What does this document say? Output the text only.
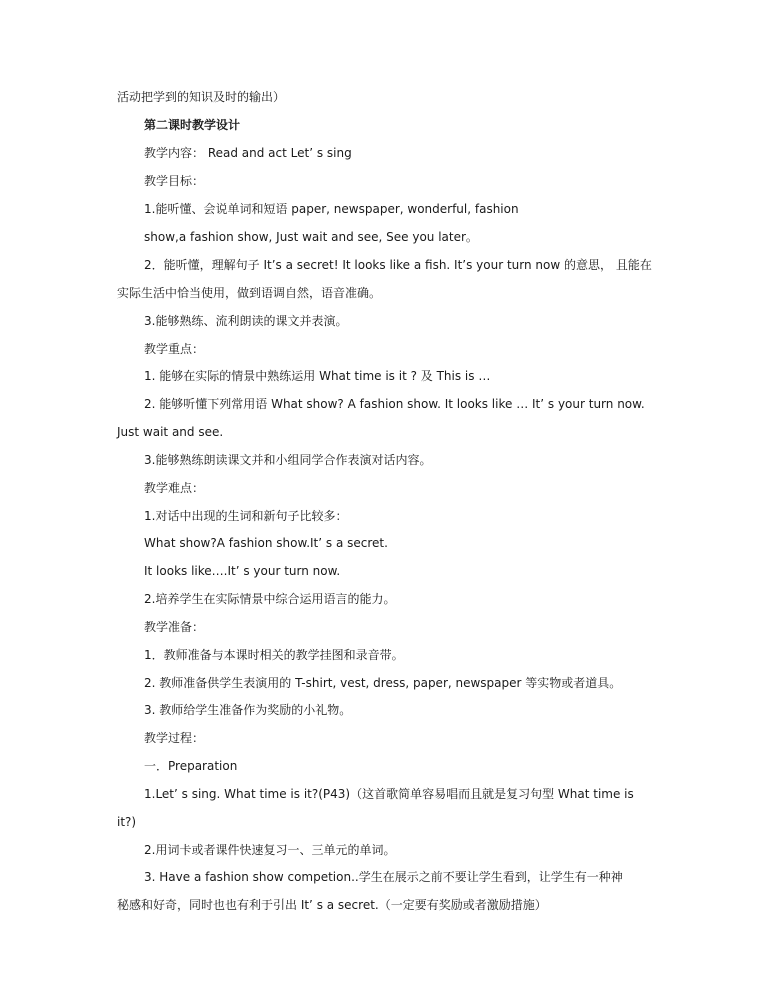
活动把学到的知识及时的输出）
第二课时教学设计
教学内容： Read and act Let’ s sing
教学目标：
1.能听懂、会说单词和短语 paper, newspaper, wonderful, fashion
show,a fashion show, Just wait and see, See you later。
2．能听懂，理解句子 It’s a secret! It looks like a fish. It’s your turn now 的意思， 且能在
实际生活中恰当使用，做到语调自然，语音准确。
3.能够熟练、流利朗读的课文并表演。
教学重点：
1. 能够在实际的情景中熟练运用 What time is it ? 及 This is …
2. 能够听懂下列常用语 What show? A fashion show. It looks like … It’ s your turn now.
Just wait and see.
3.能够熟练朗读课文并和小组同学合作表演对话内容。
教学难点：
1.对话中出现的生词和新句子比较多：
What show?A fashion show.It’ s a secret.
It looks like….It’ s your turn now.
2.培养学生在实际情景中综合运用语言的能力。
教学准备：
1．教师准备与本课时相关的教学挂图和录音带。
2. 教师准备供学生表演用的 T-shirt, vest, dress, paper, newspaper 等实物或者道具。
3. 教师给学生准备作为奖励的小礼物。
教学过程：
一．Preparation
1.Let’ s sing. What time is it?(P43)（这首歌简单容易唱而且就是复习句型 What time is
it?)
2.用词卡或者课件快速复习一、三单元的单词。
3. Have a fashion show competion..学生在展示之前不要让学生看到，让学生有一种神
秘感和好奇，同时也也有利于引出 It’ s a secret.（一定要有奖励或者激励措施）
